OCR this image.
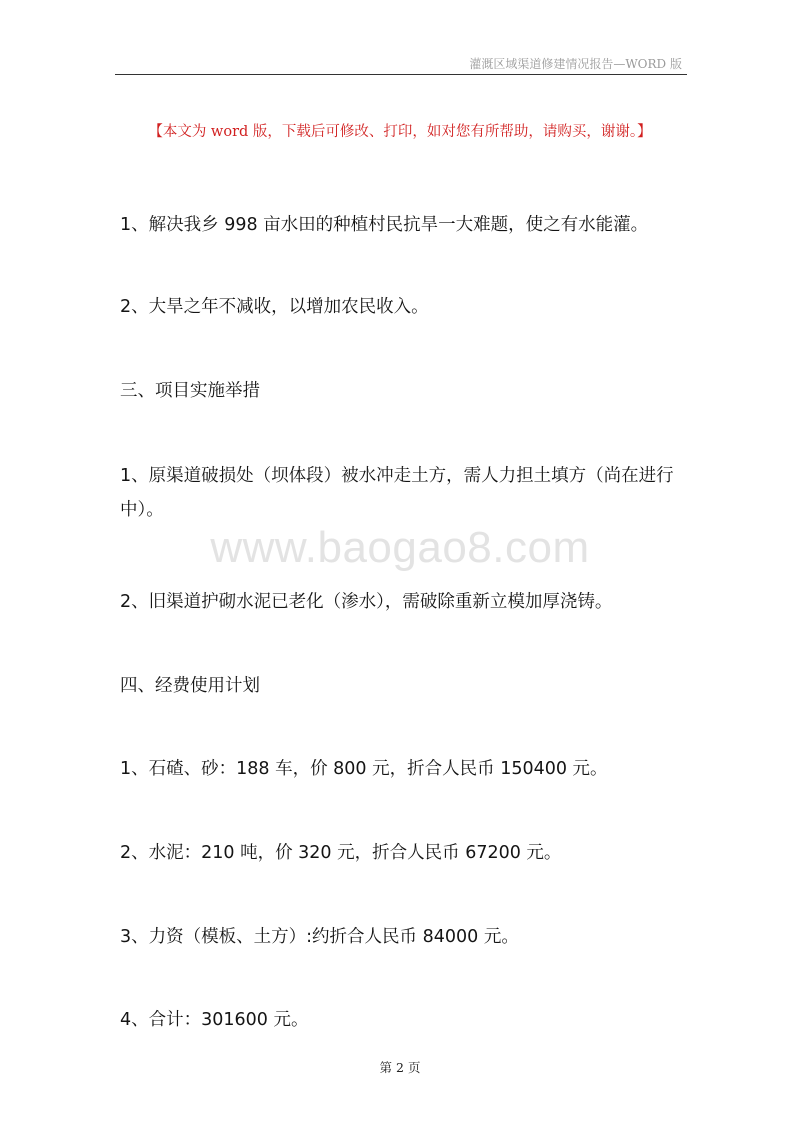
灌溉区域渠道修建情况报告—WORD 版
【本文为 word 版，下载后可修改、打印，如对您有所帮助，请购买，谢谢。】

1、解决我乡 998 亩水田的种植村民抗旱一大难题，使之有水能灌。

2、大旱之年不减收，以增加农民收入。

三、项目实施举措

1、原渠道破损处（坝体段）被水冲走土方，需人力担土填方（尚在进行中）。

www.baogao8.com

2、旧渠道护砌水泥已老化（渗水），需破除重新立模加厚浇铸。

四、经费使用计划

1、石碴、砂：188 车，价 800 元，折合人民币 150400 元。

2、水泥：210 吨，价 320 元，折合人民币 67200 元。

3、力资（模板、土方）:约折合人民币 84000 元。

4、合计：301600 元。

第 2 页
